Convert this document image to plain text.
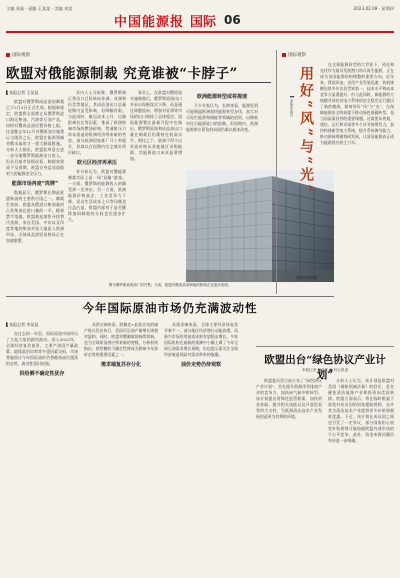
主编 张磊 · 责编 王某某 · 美编 刘某	2023.02.09 · 星期四
中国能源报 国际 06
国际视窗
欧盟对俄能源制裁 究竟谁被“卡脖子”

▌本报记者 王某某

欧盟对俄罗斯成品油的制裁已于2月5日正式生效。根据新规定，欧盟将全面禁止从俄罗斯进口海运柴油、汽油等石油产品，同时对俄成品油设置价格上限。这是继去年12月对俄原油实施禁运与限价之后，欧盟在能源领域对俄采取的又一重大制裁措施。分析人士指出，欧盟此举意在进一步压缩俄罗斯能源出口收入，但从目前市场情况看，制裁效果或不及预期，欧盟自身反而面临更大的能源安全压力。

能源市场再度“洗牌”

数据显示，俄罗斯长期是欧盟柴油的主要供应国之一。制裁生效前，欧盟从俄进口柴油量约占其柴油总进口量的一半。随着禁令落地，欧盟被迫加快寻找替代货源，来自美国、中东以及印度等地的柴油开始大量流入欧洲市场，全球成品油贸易格局正在加速重塑。

业内人士分析称，俄罗斯则正将出口目标转向非洲、亚洲和拉美等地区，其成品油出口总量短期内虽受影响，但降幅有限。与此同时，航运成本上升、运输距离拉长等因素，推高了欧洲终端市场的燃油价格，给通胀压力尚未消退的欧洲经济带来新的考验。部分欧洲国家炼厂开工率提升，但难以在短期内完全填补供应缺口。

欧元区经济再承压

有分析认为，欧盟对俄能源制裁实际上是一场“双输”游戏。一方面，俄罗斯的能源收入的确受到一定冲击；另一方面，欧洲能源价格高企、工业竞争力下降、民众生活成本上升等问题也日益凸显。欧盟内部对于是否继续加码制裁的分歧也在逐步扩大。

事实上，在欧盟对俄原油实施制裁后，俄罗斯原油出口并未出现断崖式下降，而是通过调整流向、增加对亚洲等市场的出口保持了总体稳定。国际能源署在最新月报中也指出，俄罗斯原油和成品油出口量在制裁后仍维持在较高水平。相比之下，欧洲不得不以更高价格从其他地区采购能源，其能源进口成本显著增加。

欧洲能源转型或将提速

不少专家认为，长期来看，能源危机可能倒逼欧洲加快能源转型步伐，加大对可再生能源和储能等领域的投资，以降低对化石能源进口的依赖。但短期内，欧洲能源供应紧张的局面仍难以根本改变。

视觉中国供图
图为俄罗斯某炼油厂的外景。当前，欧盟对俄成品油制裁的影响正在逐步显现。
今年国际原油市场仍充满波动性

▌本报记者 李某某

在过去的一年里，国际原油市场经历了大起大落的剧烈波动。进入2023年，全球经济复苏前景、主要产油国产量政策、地缘政治局势等多重因素交织，市场普遍预计今年国际油价仍将维持高位震荡的态势，波动性依旧较强。

供给侧不确定性犹存

从供应端来看，欧佩克+此前宣布的减产协议仍在执行，美国页岩油产量增长则相对温和。同时，欧盟对俄制裁的持续影响，也为全球原油供应带来新的变数。分析机构指出，供给侧的不确定性将成为影响今年油价走势的重要因素之一。

需求端复苏存分化

从需求端来看，全球主要经济体复苏节奏不一，部分地区经济增长动能放缓，而新兴市场的用油需求则有望稳步增长。多家国际机构在最新的预测中小幅上调了今年全球石油需求增长预期，但也提示需关注全球经济衰退风险对需求带来的拖累。

油价走势仍待观察

国际观察
用好“风”与“光”
▌本报评论员

在全球能源转型的大背景下，风电和光伏作为最具发展潜力的可再生能源，正在成为各国能源结构调整的重要方向。近年来，我国风电、光伏产业发展迅速，装机规模连续多年位居世界第一，技术水平和成本竞争力显著提升。但与此同时，新能源的大规模并网也对电力系统的安全稳定运行提出了新的挑战。如何用好“风”与“光”，在保障能源安全的前提下推动绿色低碳转型，是当前亟需回答的重要课题。这需要从规划、建设、运行和市场等多个环节统筹发力，加快构建新型电力系统，提升系统调节能力，推动源网荷储协同发展，让清洁能源真正成为能源供应的主力军。

欧盟出台“绿色协议产业计划”
本报记者 赵某某 ■ 综合报道

欧盟委员会日前公布了“绿色协议产业计划”，旨在提升欧洲净零排放产业的竞争力，加快向气候中和转型。该计划提出将简化监管框架、加快资金获取、提升相关技能以及开放贸易等四大支柱，为欧洲清洁技术产业发展创造更为有利的环境。

分析人士认为，该计划是欧盟对美国《通胀削减法案》的回应，意在避免清洁能源产业和投资向美国转移。欧盟方面表示，将在临时框架下放宽对成员国的国家援助规则，允许其为清洁技术产业提供更多补贴和税收优惠。不过，该计划在成员国之间也引发了一定争议，部分国家担心放宽补贴规则可能加剧欧盟内部市场的不公平竞争。此外，资金来源问题仍有待进一步明确。
